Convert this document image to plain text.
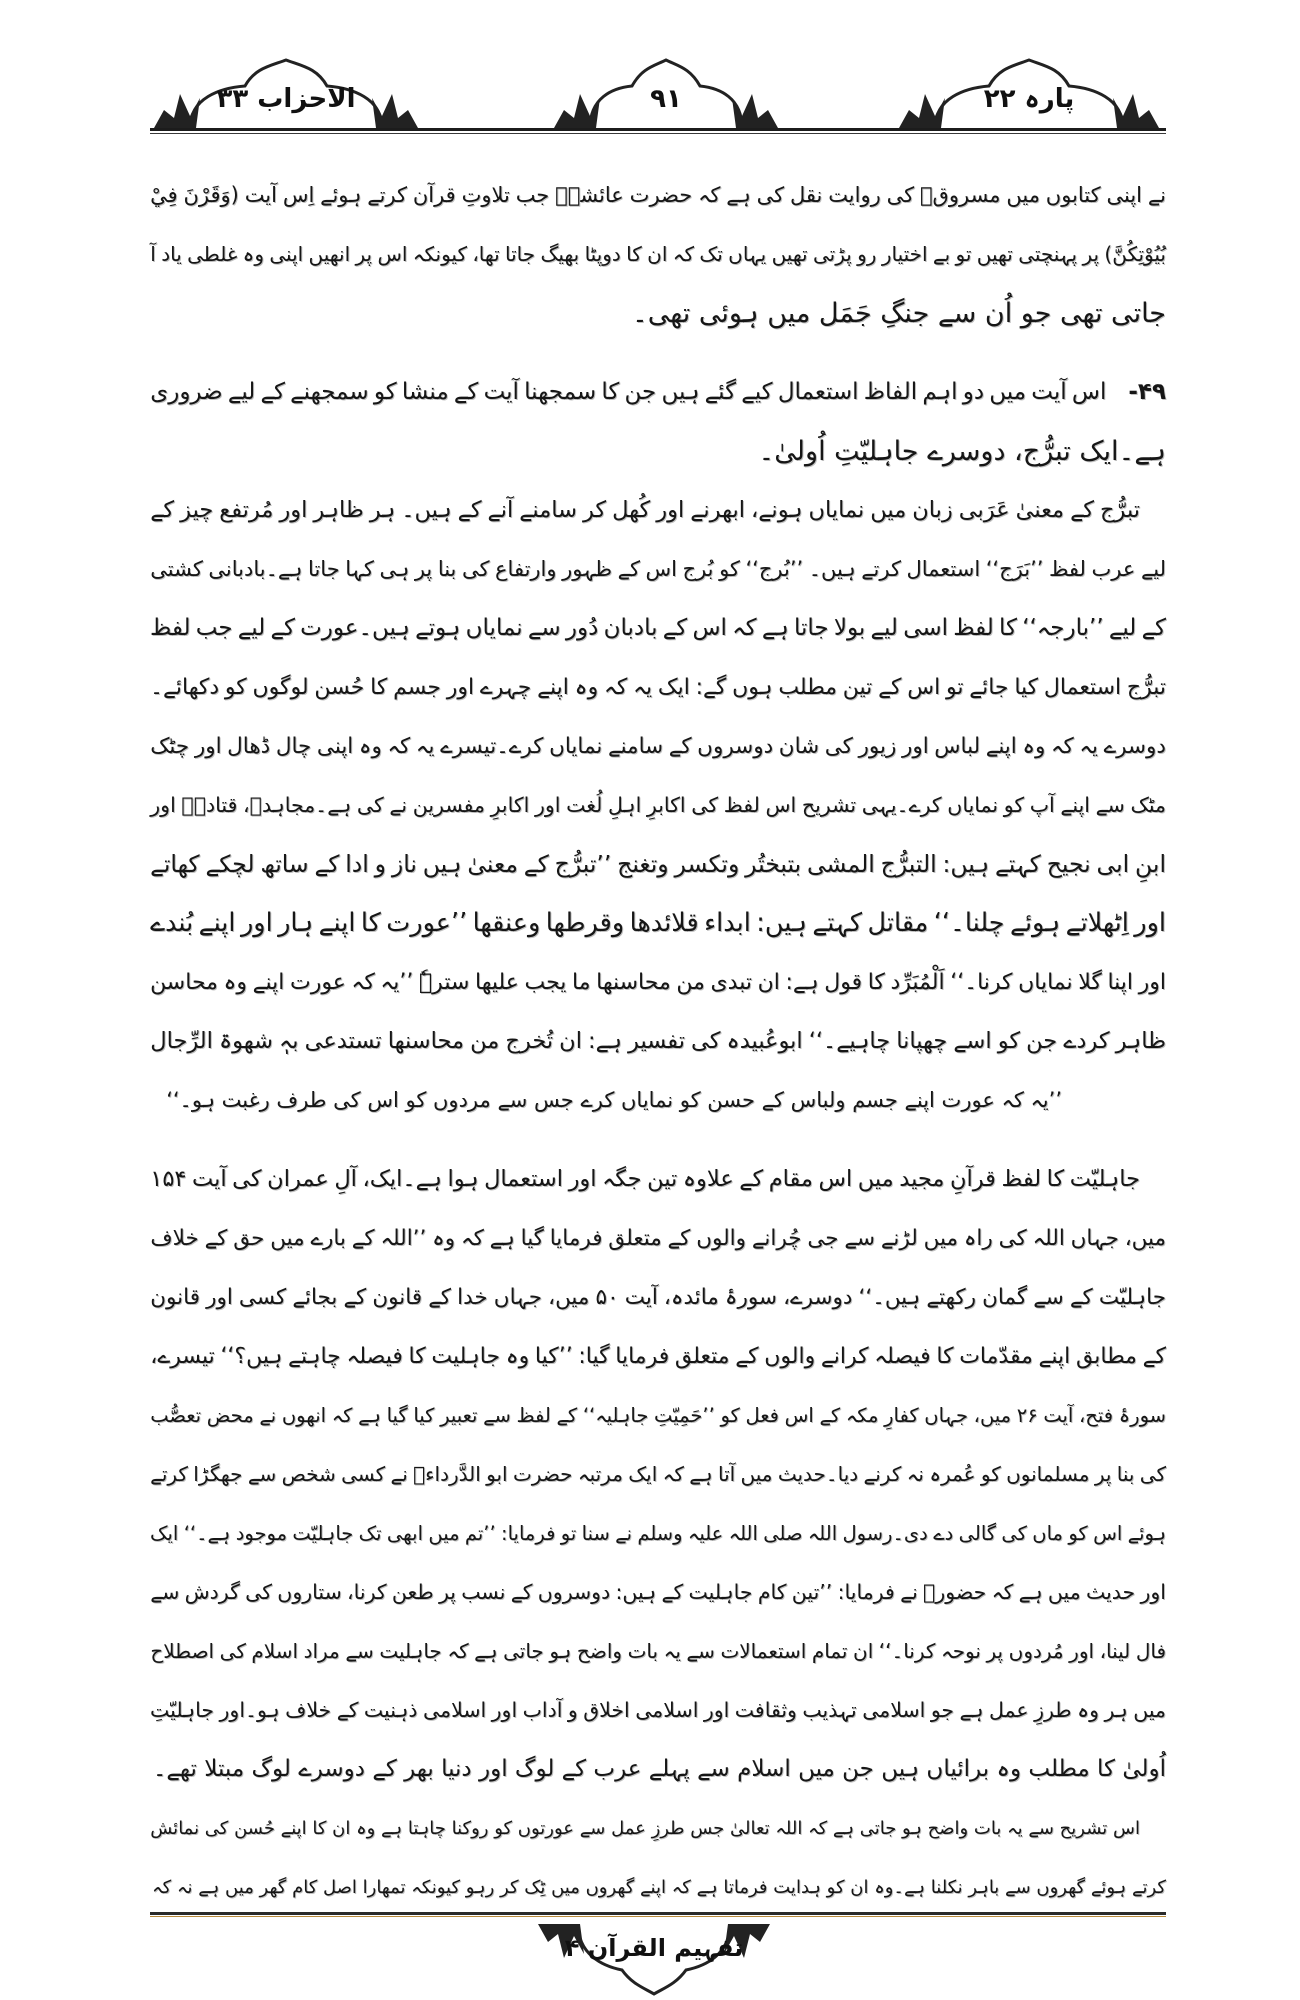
الاحزاب ۳۳	۹۱	پارہ ۲۲
نے
اپنی
کتابوں
میں
مسروقؒ
کی
روایت
نقل
کی
ہے
کہ
حضرت
عائشہؓ
جب
تلاوتِ
قرآن
کرتے
ہوئے
اِس
آیت
(وَقَرْنَ
فِيْ
بُيُوْتِكُنَّ)
پر
پہنچتی
تھیں
تو
بے
اختیار
رو
پڑتی
تھیں
یہاں
تک
کہ
ان
کا
دوپٹا
بھیگ
جاتا
تھا،
کیونکہ
اس
پر
انھیں
اپنی
وہ
غلطی
یاد
آ
جاتی تھی جو اُن سے جنگِ جَمَل میں ہوئی تھی۔
۴۹-
اس
آیت
میں
دو
اہم
الفاظ
استعمال
کیے
گئے
ہیں
جن
کا
سمجھنا
آیت
کے
منشا
کو
سمجھنے
کے
لیے
ضروری
ہے۔ایک تبرُّج، دوسرے جاہلیّتِ اُولیٰ۔
تبرُّج
کے
معنیٰ
عَرَبی
زبان
میں
نمایاں
ہونے،
ابھرنے
اور
کُھل
کر
سامنے
آنے
کے
ہیں۔
ہر
ظاہر
اور
مُرتفع
چیز
کے
لیے
عرب
لفظ
’’بَرَج‘‘
استعمال
کرتے
ہیں۔
’’بُرج‘‘
کو
بُرج
اس
کے
ظہور
وارتفاع
کی
بنا
پر
ہی
کہا
جاتا
ہے۔بادبانی
کشتی
کے
لیے
’’بارجہ‘‘
کا
لفظ
اسی
لیے
بولا
جاتا
ہے
کہ
اس
کے
بادبان
دُور
سے
نمایاں
ہوتے
ہیں۔عورت
کے
لیے
جب
لفظ
تبرُّج
استعمال
کیا
جائے
تو
اس
کے
تین
مطلب
ہوں
گے:
ایک
یہ
کہ
وہ
اپنے
چہرے
اور
جسم
کا
حُسن
لوگوں
کو
دکھائے۔
دوسرے
یہ
کہ
وہ
اپنے
لباس
اور
زیور
کی
شان
دوسروں
کے
سامنے
نمایاں
کرے۔تیسرے
یہ
کہ
وہ
اپنی
چال
ڈھال
اور
چٹک
مٹک
سے
اپنے
آپ
کو
نمایاں
کرے۔یہی
تشریح
اس
لفظ
کی
اکابرِ
اہلِ
لُغت
اور
اکابرِ
مفسرین
نے
کی
ہے۔مجاہدؒ،
قتادہؒ
اور
ابنِ
ابی
نجیح
کہتے
ہیں:
التبرُّج
المشی
بتبختُر
وتکسر
وتغنج
’’تبرُّج
کے
معنیٰ
ہیں
ناز
و
ادا
کے
ساتھ
لچکے
کھاتے
اور
اِٹھلاتے
ہوئے
چلنا۔‘‘
مقاتل
کہتے
ہیں:
ابداء
قلائدھا
وقرطھا
وعنقھا
’’عورت
کا
اپنے
ہار
اور
اپنے
بُندے
اور
اپنا
گلا
نمایاں
کرنا۔‘‘
اَلْمُبَرِّد
کا
قول
ہے:
ان
تبدی
من
محاسنھا
ما
یجب
علیھا
سترہٗ
’’یہ
کہ
عورت
اپنے
وہ
محاسن
ظاہر
کردے
جن
کو
اسے
چھپانا
چاہیے۔‘‘
ابوعُبیدہ
کی
تفسیر
ہے:
ان
تُخرج
من
محاسنھا
تستدعی
بہٖ
شھوۃ
الرِّجال
’’یہ کہ عورت اپنے جسم ولباس کے حسن کو نمایاں کرے جس سے مردوں کو اس کی طرف رغبت ہو۔‘‘
جاہلیّت
کا
لفظ
قرآنِ
مجید
میں
اس
مقام
کے
علاوہ
تین
جگہ
اور
استعمال
ہوا
ہے۔ایک،
آلِ
عمران
کی
آیت
۱۵۴
میں،
جہاں
اللہ
کی
راہ
میں
لڑنے
سے
جی
چُرانے
والوں
کے
متعلق
فرمایا
گیا
ہے
کہ
وہ
’’اللہ
کے
بارے
میں
حق
کے
خلاف
جاہلیّت
کے
سے
گمان
رکھتے
ہیں۔‘‘
دوسرے،
سورۂ
مائدہ،
آیت
۵۰
میں،
جہاں
خدا
کے
قانون
کے
بجائے
کسی
اور
قانون
کے
مطابق
اپنے
مقدّمات
کا
فیصلہ
کرانے
والوں
کے
متعلق
فرمایا
گیا:
’’کیا
وہ
جاہلیت
کا
فیصلہ
چاہتے
ہیں؟‘‘
تیسرے،
سورۂ
فتح،
آیت
۲۶
میں،
جہاں
کفارِ
مکہ
کے
اس
فعل
کو
’’حَمِیّتِ
جاہلیہ‘‘
کے
لفظ
سے
تعبیر
کیا
گیا
ہے
کہ
انھوں
نے
محض
تعصُّب
کی
بنا
پر
مسلمانوں
کو
عُمرہ
نہ
کرنے
دیا۔حدیث
میں
آتا
ہے
کہ
ایک
مرتبہ
حضرت
ابو
الدَّرداءؓ
نے
کسی
شخص
سے
جھگڑا
کرتے
ہوئے
اس
کو
ماں
کی
گالی
دے
دی۔رسول
اللہ
صلی
اللہ
علیہ
وسلم
نے
سنا
تو
فرمایا:
’’تم
میں
ابھی
تک
جاہلیّت
موجود
ہے۔‘‘
ایک
اور
حدیث
میں
ہے
کہ
حضورؐ
نے
فرمایا:
’’تین
کام
جاہلیت
کے
ہیں:
دوسروں
کے
نسب
پر
طعن
کرنا،
ستاروں
کی
گردش
سے
فال
لینا،
اور
مُردوں
پر
نوحہ
کرنا۔‘‘
ان
تمام
استعمالات
سے
یہ
بات
واضح
ہو
جاتی
ہے
کہ
جاہلیت
سے
مراد
اسلام
کی
اصطلاح
میں
ہر
وہ
طرزِ
عمل
ہے
جو
اسلامی
تہذیب
وثقافت
اور
اسلامی
اخلاق
و
آداب
اور
اسلامی
ذہنیت
کے
خلاف
ہو۔اور
جاہلیّتِ
اُولیٰ کا مطلب وہ برائیاں ہیں جن میں اسلام سے پہلے عرب کے لوگ اور دنیا بھر کے دوسرے لوگ مبتلا تھے۔
اس
تشریح
سے
یہ
بات
واضح
ہو
جاتی
ہے
کہ
اللہ
تعالیٰ
جس
طرزِ
عمل
سے
عورتوں
کو
روکنا
چاہتا
ہے
وہ
ان
کا
اپنے
حُسن
کی
نمائش
کرتے ہوئے گھروں سے باہر نکلنا ہے۔وہ ان کو ہدایت فرماتا ہے کہ اپنے گھروں میں ٹِک کر رہو کیونکہ تمھارا اصل کام گھر میں ہے نہ کہ
تفہیم القرآن ۴
